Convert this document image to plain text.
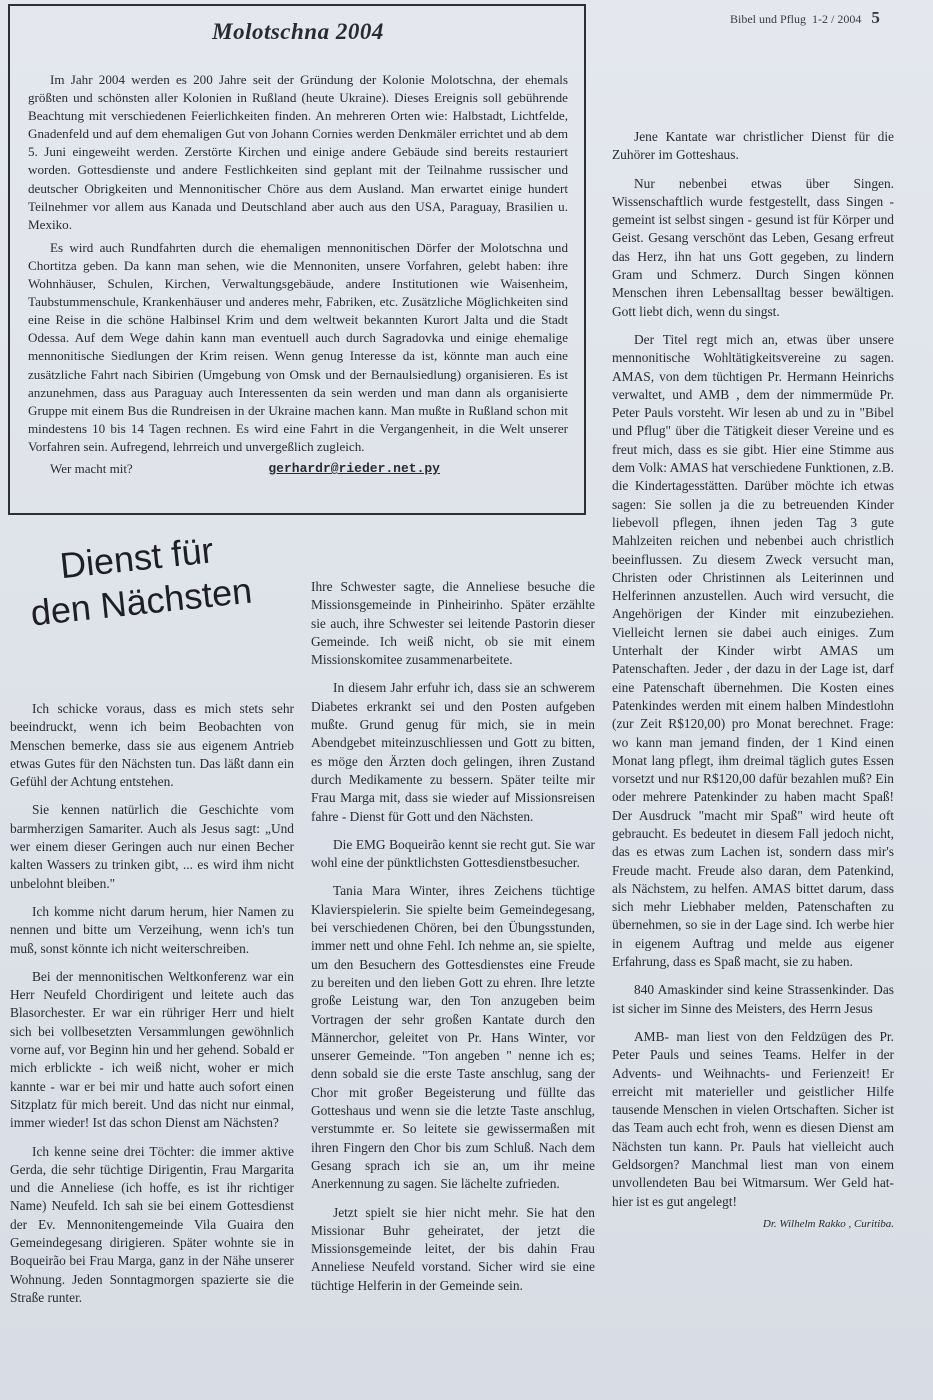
Bibel und Pflug
1-2 / 2004 5
Molotschna 2004

Im Jahr 2004 werden es 200 Jahre seit der Gründung der Kolonie Molotschna, der ehemals größten und schönsten aller Kolonien in Rußland (heute Ukraine). Dieses Ereignis soll gebührende Beachtung mit verschiedenen Feierlichkeiten finden. An mehreren Orten wie: Halbstadt, Lichtfelde, Gnadenfeld und auf dem ehemaligen Gut von Johann Cornies werden Denkmäler errichtet und ab dem 5. Juni eingeweiht werden. Zerstörte Kirchen und einige andere Gebäude sind bereits restauriert worden. Gottesdienste und andere Festlichkeiten sind geplant mit der Teilnahme russischer und deutscher Obrigkeiten und Mennonitischer Chöre aus dem Ausland. Man erwartet einige hundert Teilnehmer vor allem aus Kanada und Deutschland aber auch aus den USA, Paraguay, Brasilien u. Mexiko.

Es wird auch Rundfahrten durch die ehemaligen mennonitischen Dörfer der Molotschna und Chortitza geben. Da kann man sehen, wie die Mennoniten, unsere Vorfahren, gelebt haben: ihre Wohnhäuser, Schulen, Kirchen, Verwaltungsgebäude, andere Institutionen wie Waisenheim, Taubstummenschule, Krankenhäuser und anderes mehr, Fabriken, etc. Zusätzliche Möglichkeiten sind eine Reise in die schöne Halbinsel Krim und dem weltweit bekannten Kurort Jalta und die Stadt Odessa. Auf dem Wege dahin kann man eventuell auch durch Sagradovka und einige ehemalige mennonitische Siedlungen der Krim reisen. Wenn genug Interesse da ist, könnte man auch eine zusätzliche Fahrt nach Sibirien (Umgebung von Omsk und der Bernaulsiedlung) organisieren. Es ist anzunehmen, dass aus Paraguay auch Interessenten da sein werden und man dann als organisierte Gruppe mit einem Bus die Rundreisen in der Ukraine machen kann. Man mußte in Rußland schon mit mindestens 10 bis 14 Tagen rechnen. Es wird eine Fahrt in die Vergangenheit, in die Welt unserer Vorfahren sein. Aufregend, lehrreich und unvergeßlich zugleich.

Wer macht mit?	gerhardr@rieder.net.py
Dienst für
den Nächsten

Ich schicke voraus, dass es mich stets sehr beeindruckt, wenn ich beim Beobachten von Menschen bemerke, dass sie aus eigenem Antrieb etwas Gutes für den Nächsten tun. Das läßt dann ein Gefühl der Achtung entstehen.

Sie kennen natürlich die Geschichte vom barmherzigen Samariter. Auch als Jesus sagt: „Und wer einem dieser Geringen auch nur einen Becher kalten Wassers zu trinken gibt, ... es wird ihm nicht unbelohnt bleiben."

Ich komme nicht darum herum, hier Namen zu nennen und bitte um Verzeihung, wenn ich's tun muß, sonst könnte ich nicht weiterschreiben.

Bei der mennonitischen Weltkonferenz war ein Herr Neufeld Chordirigent und leitete auch das Blasorchester. Er war ein rühriger Herr und hielt sich bei vollbesetzten Versammlungen gewöhnlich vorne auf, vor Beginn hin und her gehend. Sobald er mich erblickte - ich weiß nicht, woher er mich kannte - war er bei mir und hatte auch sofort einen Sitzplatz für mich bereit. Und das nicht nur einmal, immer wieder! Ist das schon Dienst am Nächsten?

Ich kenne seine drei Töchter: die immer aktive Gerda, die sehr tüchtige Dirigentin, Frau Margarita und die Anneliese (ich hoffe, es ist ihr richtiger Name) Neufeld. Ich sah sie bei einem Gottesdienst der Ev. Mennonitengemeinde Vila Guaira den Gemeindegesang dirigieren. Später wohnte sie in Boqueirão bei Frau Marga, ganz in der Nähe unserer Wohnung. Jeden Sonntagmorgen spazierte sie die Straße runter.

Ihre Schwester sagte, die Anneliese besuche die Missionsgemeinde in Pinheirinho. Später erzählte sie auch, ihre Schwester sei leitende Pastorin dieser Gemeinde. Ich weiß nicht, ob sie mit einem Missionskomitee zusammenarbeitete.

In diesem Jahr erfuhr ich, dass sie an schwerem Diabetes erkrankt sei und den Posten aufgeben mußte. Grund genug für mich, sie in mein Abendgebet miteinzuschliessen und Gott zu bitten, es möge den Ärzten doch gelingen, ihren Zustand durch Medikamente zu bessern. Später teilte mir Frau Marga mit, dass sie wieder auf Missionsreisen fahre - Dienst für Gott und den Nächsten.

Die EMG Boqueirão kennt sie recht gut. Sie war wohl eine der pünktlichsten Gottesdienstbesucher.

Tania Mara Winter, ihres Zeichens tüchtige Klavierspielerin. Sie spielte beim Gemeindegesang, bei verschiedenen Chören, bei den Übungsstunden, immer nett und ohne Fehl. Ich nehme an, sie spielte, um den Besuchern des Gottesdienstes eine Freude zu bereiten und den lieben Gott zu ehren. Ihre letzte große Leistung war, den Ton anzugeben beim Vortragen der sehr großen Kantate durch den Männerchor, geleitet von Pr. Hans Winter, vor unserer Gemeinde. "Ton angeben " nenne ich es; denn sobald sie die erste Taste anschlug, sang der Chor mit großer Begeisterung und füllte das Gotteshaus und wenn sie die letzte Taste anschlug, verstummte er. So leitete sie gewissermaßen mit ihren Fingern den Chor bis zum Schluß. Nach dem Gesang sprach ich sie an, um ihr meine Anerkennung zu sagen. Sie lächelte zufrieden.

Jetzt spielt sie hier nicht mehr. Sie hat den Missionar Buhr geheiratet, der jetzt die Missionsgemeinde leitet, der bis dahin Frau Anneliese Neufeld vorstand. Sicher wird sie eine tüchtige Helferin in der Gemeinde sein.

Jene Kantate war christlicher Dienst für die Zuhörer im Gotteshaus.

Nur nebenbei etwas über Singen. Wissenschaftlich wurde festgestellt, dass Singen - gemeint ist selbst singen - gesund ist für Körper und Geist. Gesang verschönt das Leben, Gesang erfreut das Herz, ihn hat uns Gott gegeben, zu lindern Gram und Schmerz. Durch Singen können Menschen ihren Lebensalltag besser bewältigen. Gott liebt dich, wenn du singst.

Der Titel regt mich an, etwas über unsere mennonitische Wohltätigkeitsvereine zu sagen. AMAS, von dem tüchtigen Pr. Hermann Heinrichs verwaltet, und AMB , dem der nimmermüde Pr. Peter Pauls vorsteht. Wir lesen ab und zu in "Bibel und Pflug" über die Tätigkeit dieser Vereine und es freut mich, dass es sie gibt. Hier eine Stimme aus dem Volk: AMAS hat verschiedene Funktionen, z.B. die Kindertagesstätten. Darüber möchte ich etwas sagen: Sie sollen ja die zu betreuenden Kinder liebevoll pflegen, ihnen jeden Tag 3 gute Mahlzeiten reichen und nebenbei auch christlich beeinflussen. Zu diesem Zweck versucht man, Christen oder Christinnen als Leiterinnen und Helferinnen anzustellen. Auch wird versucht, die Angehörigen der Kinder mit einzubeziehen. Vielleicht lernen sie dabei auch einiges. Zum Unterhalt der Kinder wirbt AMAS um Patenschaften. Jeder , der dazu in der Lage ist, darf eine Patenschaft übernehmen. Die Kosten eines Patenkindes werden mit einem halben Mindestlohn (zur Zeit R$120,00) pro Monat berechnet. Frage: wo kann man jemand finden, der 1 Kind einen Monat lang pflegt, ihm dreimal täglich gutes Essen vorsetzt und nur R$120,00 dafür bezahlen muß? Ein oder mehrere Patenkinder zu haben macht Spaß! Der Ausdruck "macht mir Spaß" wird heute oft gebraucht. Es bedeutet in diesem Fall jedoch nicht, das es etwas zum Lachen ist, sondern dass mir's Freude macht. Freude also daran, dem Patenkind, als Nächstem, zu helfen. AMAS bittet darum, dass sich mehr Liebhaber melden, Patenschaften zu übernehmen, so sie in der Lage sind. Ich werbe hier in eigenem Auftrag und melde aus eigener Erfahrung, dass es Spaß macht, sie zu haben.

840 Amaskinder sind keine Strassenkinder. Das ist sicher im Sinne des Meisters, des Herrn Jesus

AMB- man liest von den Feldzügen des Pr. Peter Pauls und seines Teams. Helfer in der Advents- und Weihnachts- und Ferienzeit! Er erreicht mit materieller und geistlicher Hilfe tausende Menschen in vielen Ortschaften. Sicher ist das Team auch echt froh, wenn es diesen Dienst am Nächsten tun kann. Pr. Pauls hat vielleicht auch Geldsorgen? Manchmal liest man von einem unvollendeten Bau bei Witmarsum. Wer Geld hat- hier ist es gut angelegt!

Dr. Wilhelm Rakko , Curitiba.
